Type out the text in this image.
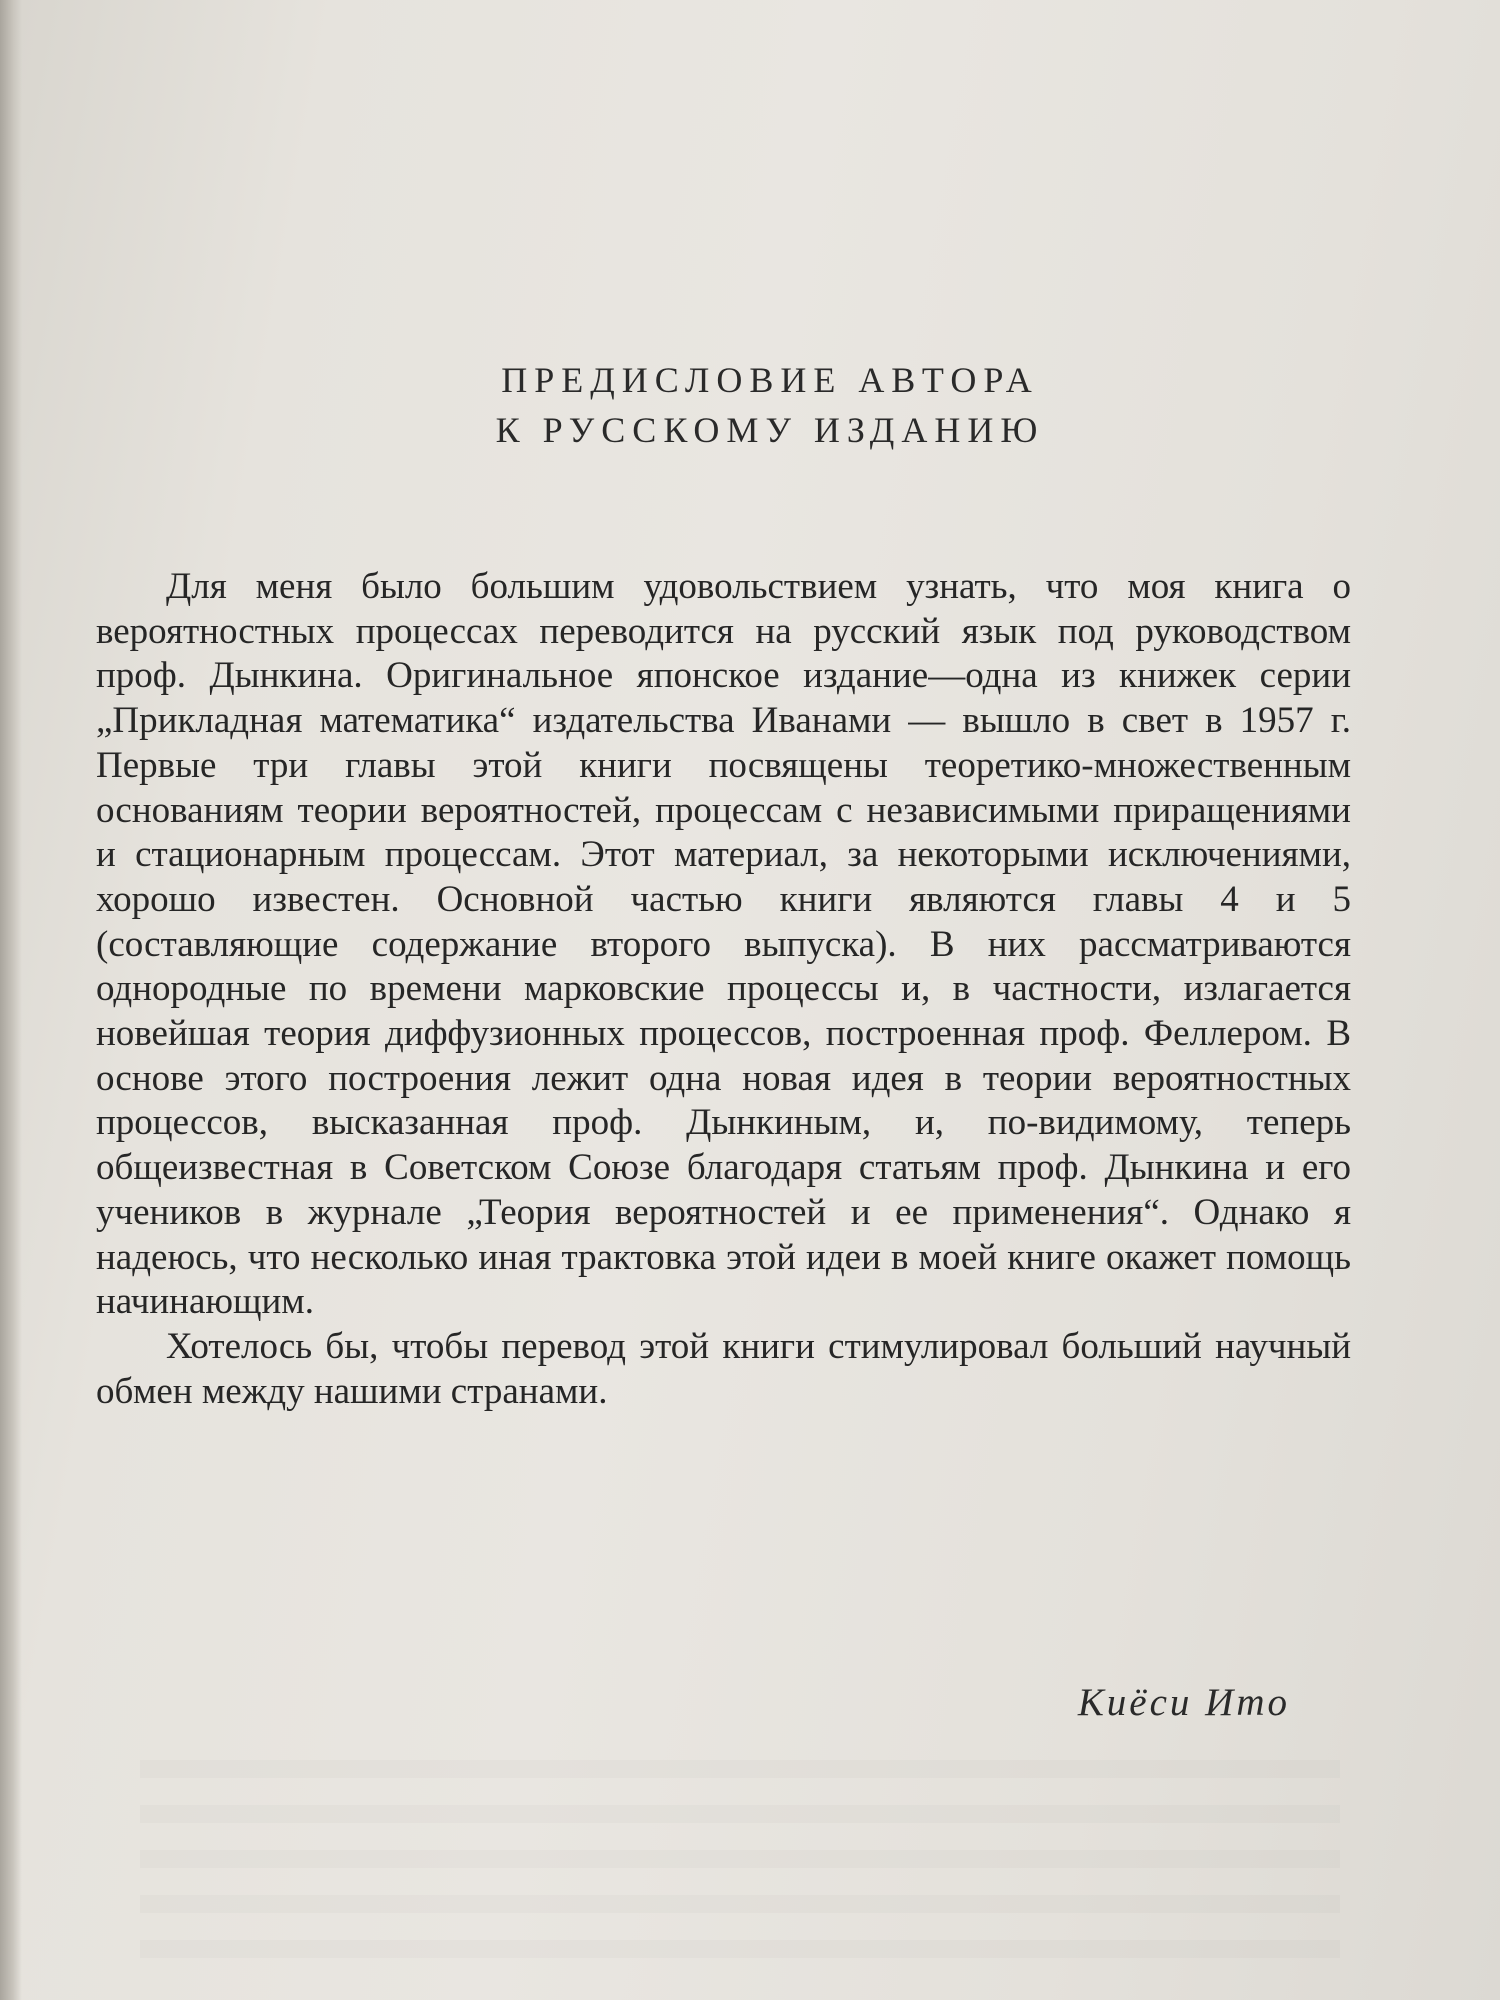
ПРЕДИСЛОВИЕ АВТОРА
К РУССКОМУ ИЗДАНИЮ

Для меня было большим удовольствием узнать, что моя книга о вероятностных процессах переводится на русский язык под руководством проф. Дынкина. Оригинальное японское издание—одна из книжек серии „Прикладная математика“ издательства Иванами — вышло в свет в 1957 г. Первые три главы этой книги посвящены теоретико-множественным основаниям теории вероятностей, процессам с независимыми приращениями и стационарным процессам. Этот материал, за некоторыми исключениями, хорошо известен. Основной частью книги являются главы 4 и 5 (составляющие содержание второго выпуска). В них рассматриваются однородные по времени марковские процессы и, в частности, излагается новейшая теория диффузионных процессов, построенная проф. Феллером. В основе этого построения лежит одна новая идея в теории вероятностных процессов, высказанная проф. Дынкиным, и, по-видимому, теперь общеизвестная в Советском Союзе благодаря статьям проф. Дынкина и его учеников в журнале „Теория вероятностей и ее применения“. Однако я надеюсь, что несколько иная трактовка этой идеи в моей книге окажет помощь начинающим.

Хотелось бы, чтобы перевод этой книги стимулировал больший научный обмен между нашими странами.

Киёси Ито
